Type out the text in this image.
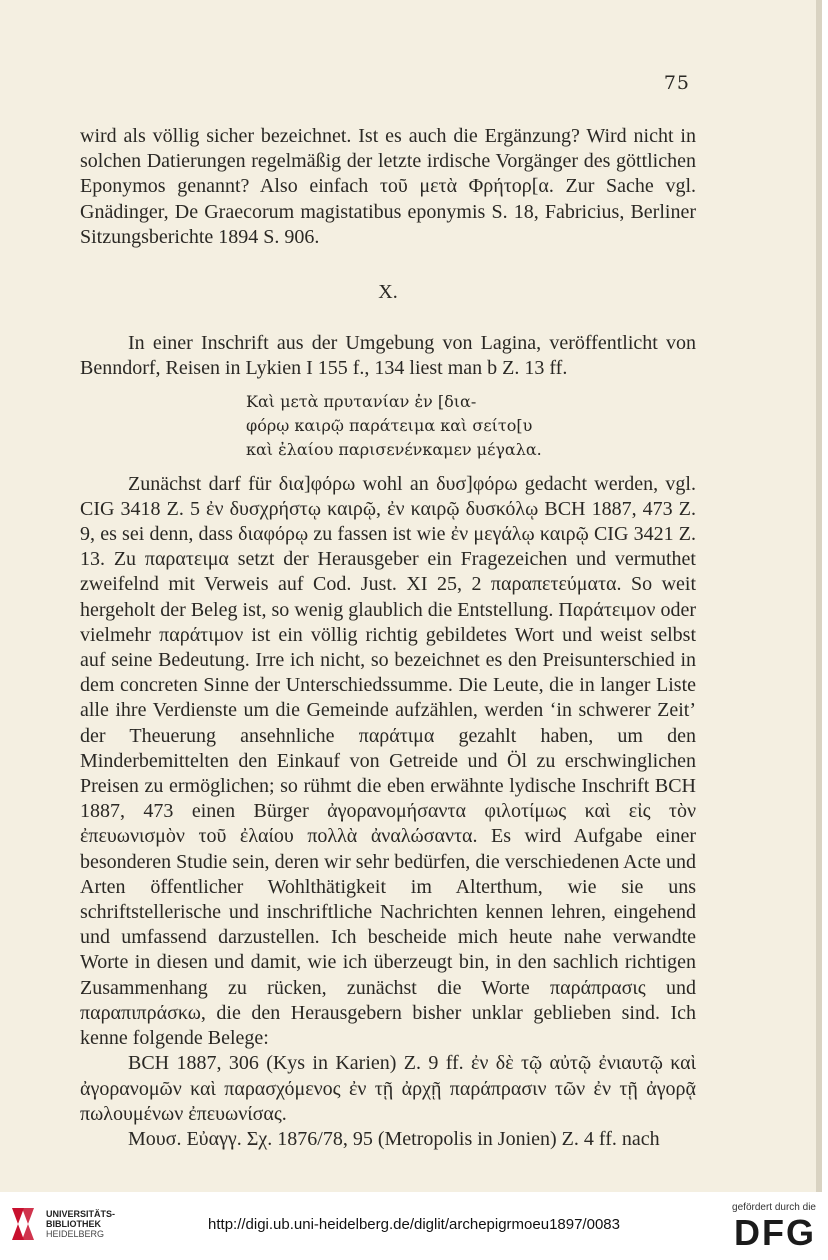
75

wird als völlig sicher bezeichnet. Ist es auch die Ergänzung? Wird nicht in solchen Datierungen regelmäßig der letzte irdische Vorgänger des göttlichen Eponymos genannt? Also einfach τοῦ μετὰ Φρήτορ[α. Zur Sache vgl. Gnädinger, De Graecorum magistatibus eponymis S. 18, Fabricius, Berliner Sitzungsberichte 1894 S. 906.

X.

In einer Inschrift aus der Umgebung von Lagina, veröffentlicht von Benndorf, Reisen in Lykien I 155 f., 134 liest man b Z. 13 ff.

Καὶ μετὰ πρυτανίαν ἐν [δια-
φόρῳ καιρῷ παράτειμα καὶ σείτο[υ
καὶ ἐλαίου παρισενένκαμεν μέγαλα.

Zunächst darf für δια]φόρω wohl an δυσ]φόρω gedacht werden, vgl. CIG 3418 Z. 5 ἐν δυσχρήστῳ καιρῷ, ἐν καιρῷ δυσκόλῳ BCH 1887, 473 Z. 9, es sei denn, dass διαφόρῳ zu fassen ist wie ἐν μεγάλῳ καιρῷ CIG 3421 Z. 13. Zu παρατειμα setzt der Herausgeber ein Fragezeichen und vermuthet zweifelnd mit Verweis auf Cod. Just. XI 25, 2 παραπετεύματα. So weit hergeholt der Beleg ist, so wenig glaublich die Entstellung. Παράτειμον oder vielmehr παράτιμον ist ein völlig richtig gebildetes Wort und weist selbst auf seine Bedeutung. Irre ich nicht, so bezeichnet es den Preisunterschied in dem concreten Sinne der Unterschiedssumme. Die Leute, die in langer Liste alle ihre Verdienste um die Gemeinde aufzählen, werden ‘in schwerer Zeit’ der Theuerung ansehnliche παράτιμα gezahlt haben, um den Minderbemittelten den Einkauf von Getreide und Öl zu erschwinglichen Preisen zu ermöglichen; so rühmt die eben erwähnte lydische Inschrift BCH 1887, 473 einen Bürger ἀγορανομήσαντα φιλοτίμως καὶ εἰς τὸν ἐπευωνισμὸν τοῦ ἐλαίου πολλὰ ἀναλώσαντα. Es wird Aufgabe einer besonderen Studie sein, deren wir sehr bedürfen, die verschiedenen Acte und Arten öffentlicher Wohlthätigkeit im Alterthum, wie sie uns schriftstellerische und inschriftliche Nachrichten kennen lehren, eingehend und umfassend darzustellen. Ich bescheide mich heute nahe verwandte Worte in diesen und damit, wie ich überzeugt bin, in den sachlich richtigen Zusammenhang zu rücken, zunächst die Worte παράπρασις und παραπιπράσκω, die den Herausgebern bisher unklar geblieben sind. Ich kenne folgende Belege:

BCH 1887, 306 (Kys in Karien) Z. 9 ff. ἐν δὲ τῷ αὐτῷ ἐνιαυτῷ καὶ ἀγορανομῶν καὶ παρασχόμενος ἐν τῇ ἀρχῇ παράπρασιν τῶν ἐν τῇ ἀγορᾷ πωλουμένων ἐπευωνίσας.

Μουσ. Εὐαγγ. Σχ. 1876/78, 95 (Metropolis in Jonien) Z. 4 ff. nach

UNIVERSITÄTS-
BIBLIOTHEK
HEIDELBERG
http://digi.ub.uni-heidelberg.de/diglit/archepigrmoeu1897/0083
gefördert durch die
DFG
